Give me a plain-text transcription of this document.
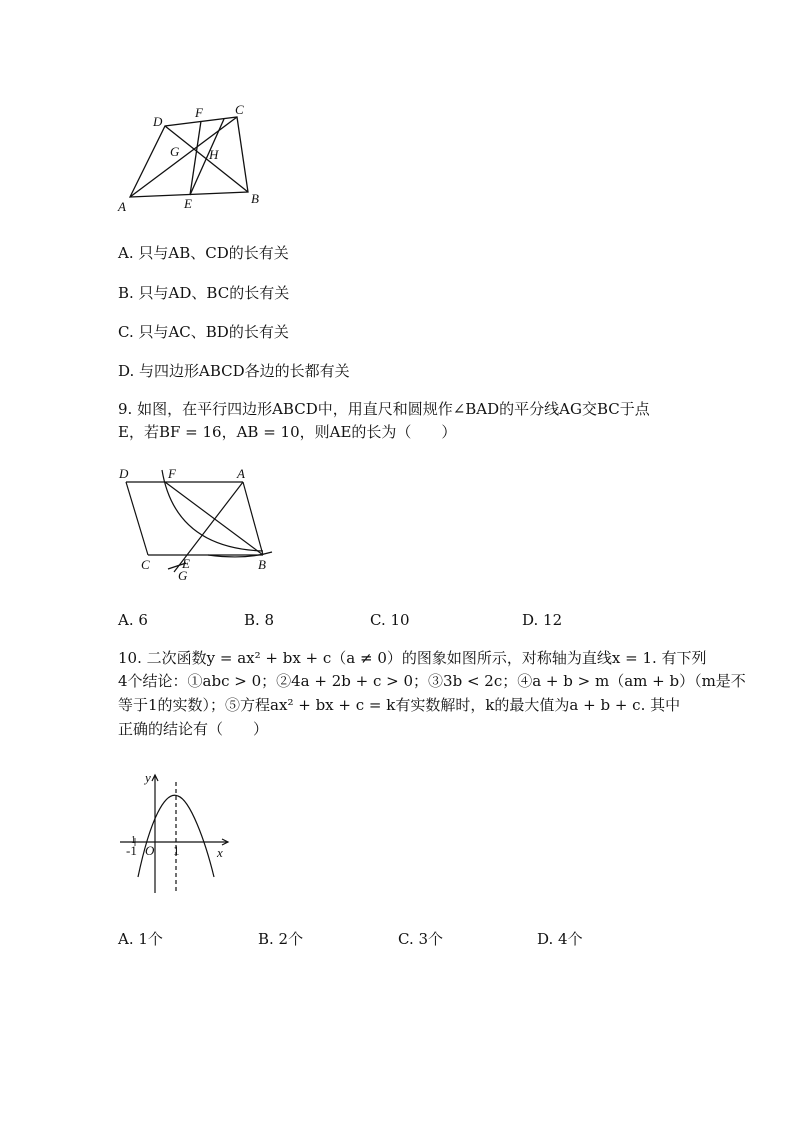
A
B
C
D
E
F
G H
A. 只与AB、CD的长有关
B. 只与AD、BC的长有关
C. 只与AC、BD的长有关
D. 与四边形ABCD各边的长都有关
9. 如图，在平行四边形ABCD中，用直尺和圆规作∠BAD的平分线AG交BC于点
E，若BF = 16，AB = 10，则AE的长为（　　）
D	F	A
C E
G
B
A. 6	B. 8	C. 10	D. 12
10. 二次函数y = ax² + bx + c（a ≠ 0）的图象如图所示，对称轴为直线x = 1. 有下列
4个结论：①abc > 0；②4a + 2b + c > 0；③3b < 2c；④a + b > m（am + b）（m是不
等于1的实数）；⑤方程ax² + bx + c = k有实数解时，k的最大值为a + b + c. 其中
正确的结论有（　　）
y
x
O
-1	1
1
A. 1个	B. 2个	C. 3个	D. 4个
